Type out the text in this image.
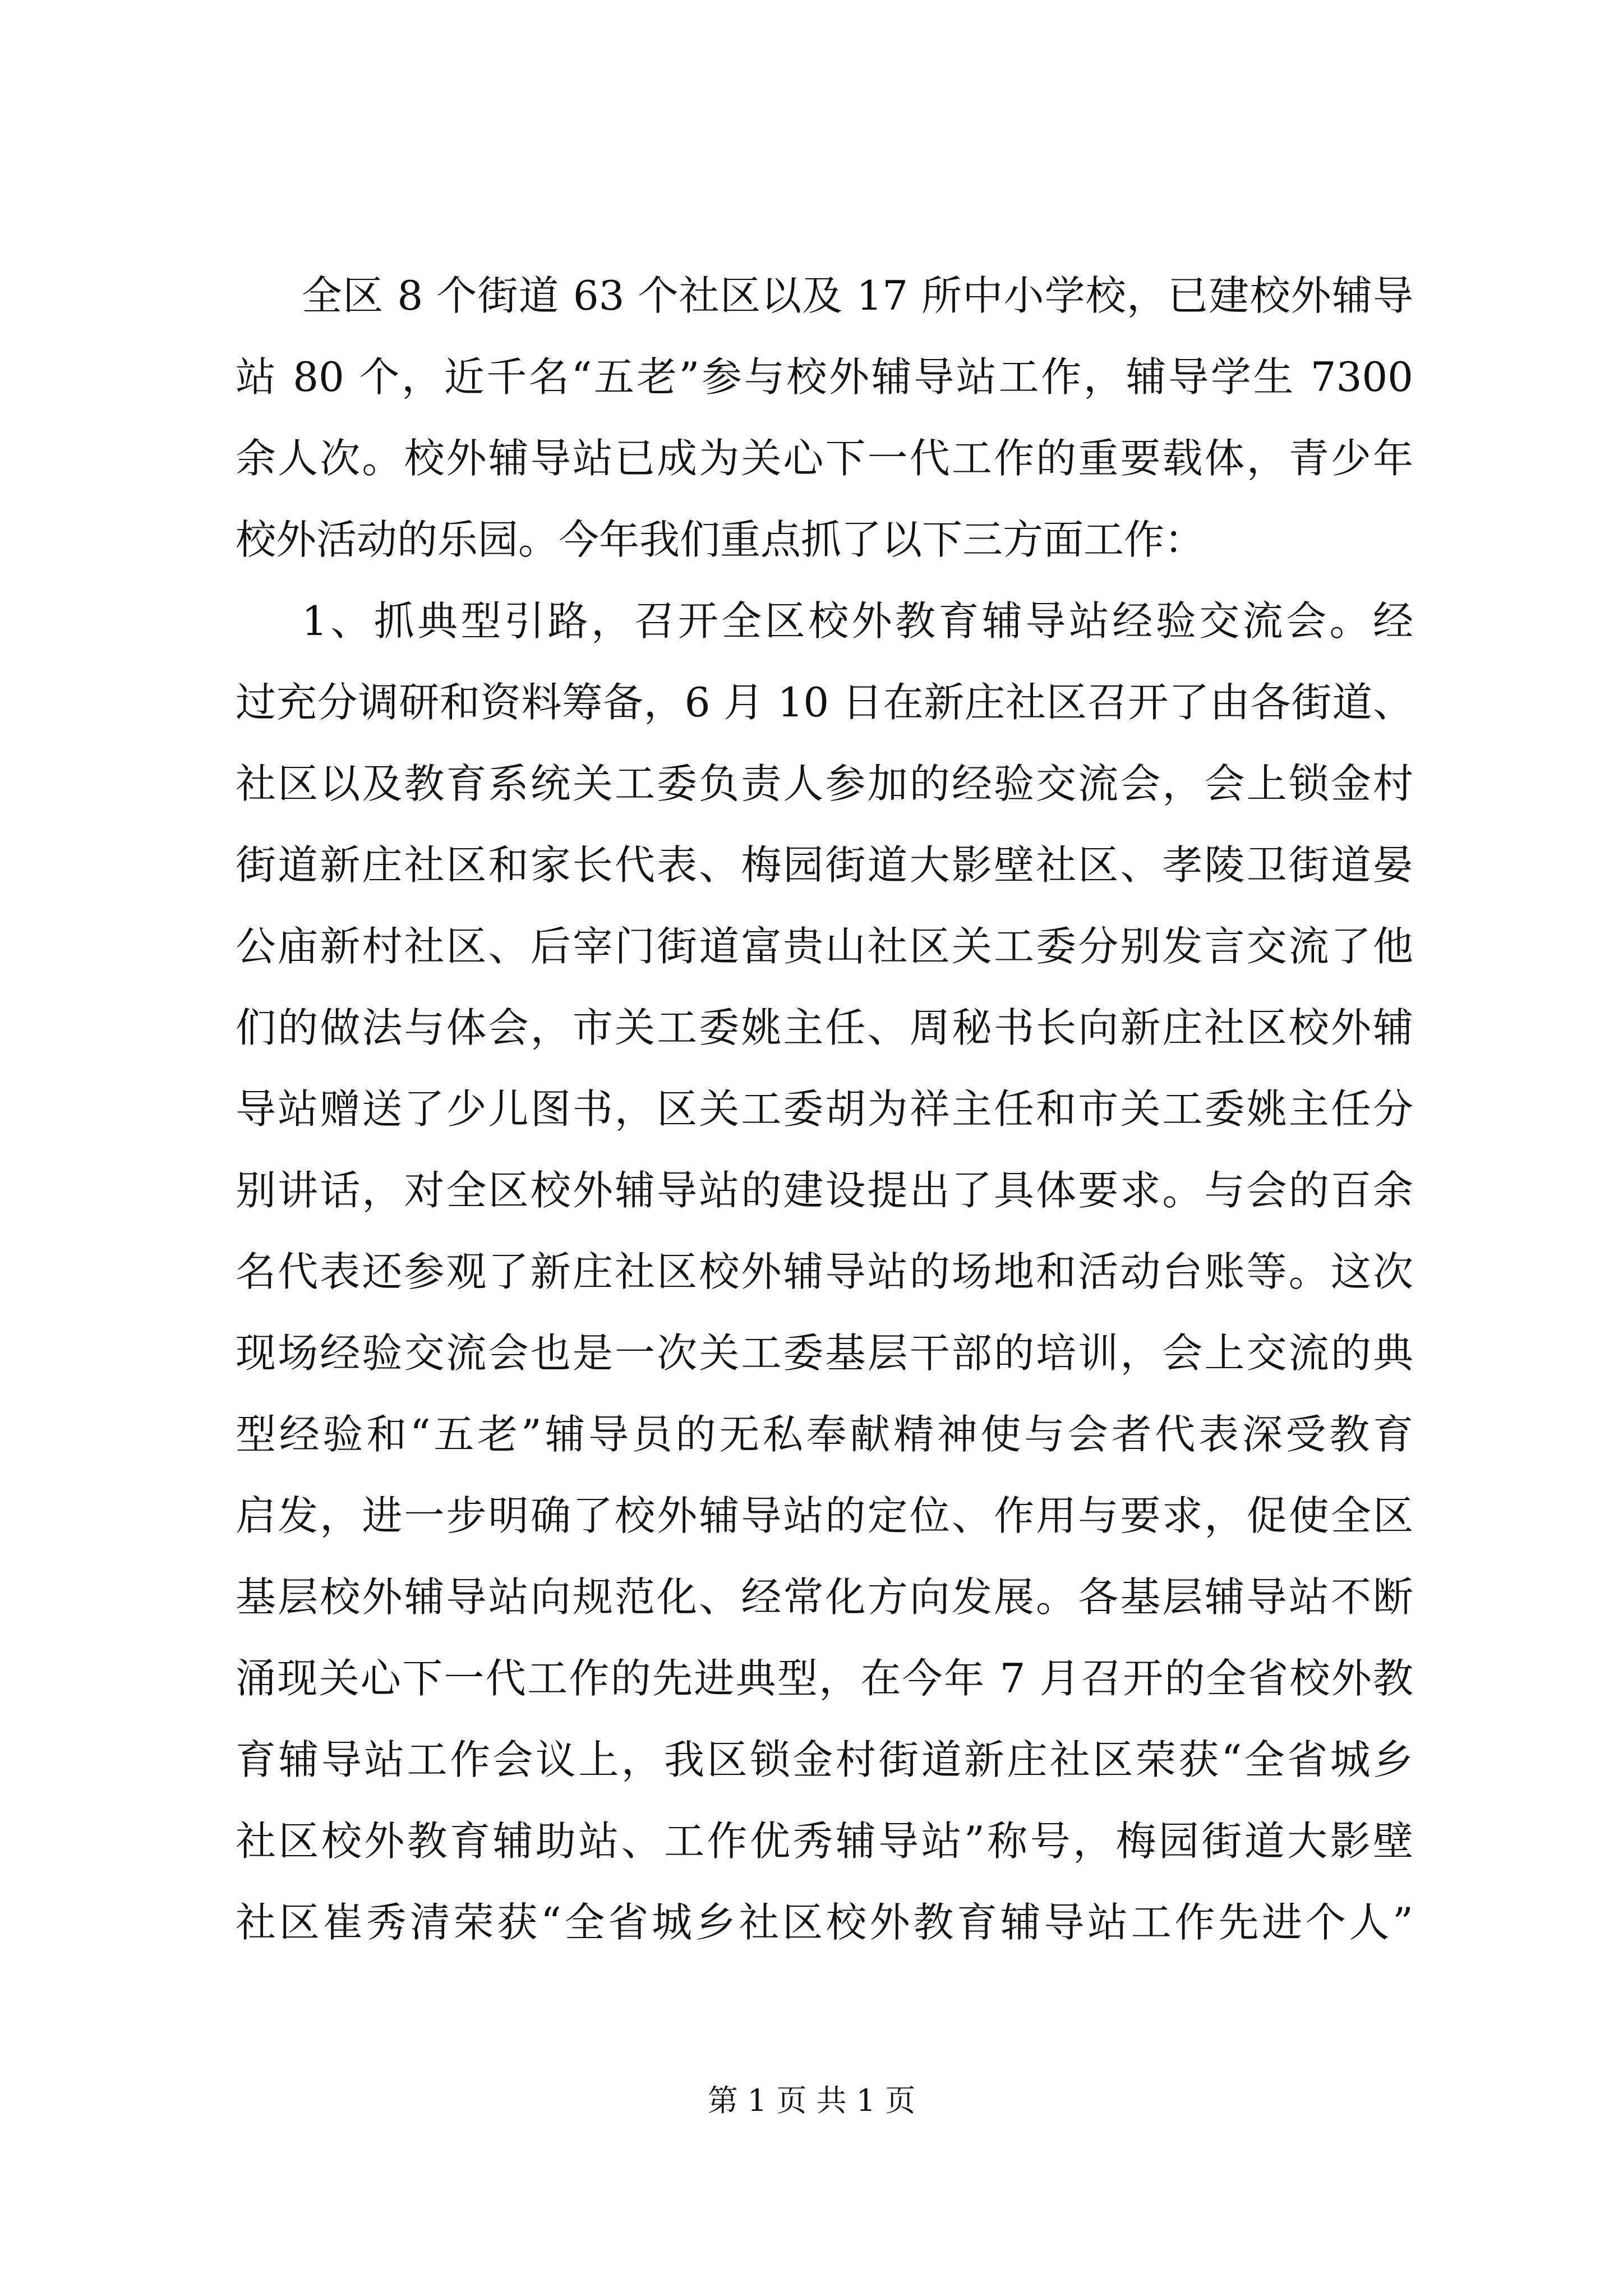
全区 8 个街道 63 个社区以及 17 所中小学校，已建校外辅导
站 80 个，近千名“五老”参与校外辅导站工作，辅导学生 7300
余人次。校外辅导站已成为关心下一代工作的重要载体，青少年
校外活动的乐园。今年我们重点抓了以下三方面工作：
1、抓典型引路，召开全区校外教育辅导站经验交流会。经
过充分调研和资料筹备，6 月 10 日在新庄社区召开了由各街道、
社区以及教育系统关工委负责人参加的经验交流会，会上锁金村
街道新庄社区和家长代表、梅园街道大影壁社区、孝陵卫街道晏
公庙新村社区、后宰门街道富贵山社区关工委分别发言交流了他
们的做法与体会，市关工委姚主任、周秘书长向新庄社区校外辅
导站赠送了少儿图书，区关工委胡为祥主任和市关工委姚主任分
别讲话，对全区校外辅导站的建设提出了具体要求。与会的百余
名代表还参观了新庄社区校外辅导站的场地和活动台账等。这次
现场经验交流会也是一次关工委基层干部的培训，会上交流的典
型经验和“五老”辅导员的无私奉献精神使与会者代表深受教育
启发，进一步明确了校外辅导站的定位、作用与要求，促使全区
基层校外辅导站向规范化、经常化方向发展。各基层辅导站不断
涌现关心下一代工作的先进典型，在今年 7 月召开的全省校外教
育辅导站工作会议上，我区锁金村街道新庄社区荣获“全省城乡
社区校外教育辅助站、工作优秀辅导站”称号，梅园街道大影壁
社区崔秀清荣获“全省城乡社区校外教育辅导站工作先进个人”
第 1 页 共 1 页
